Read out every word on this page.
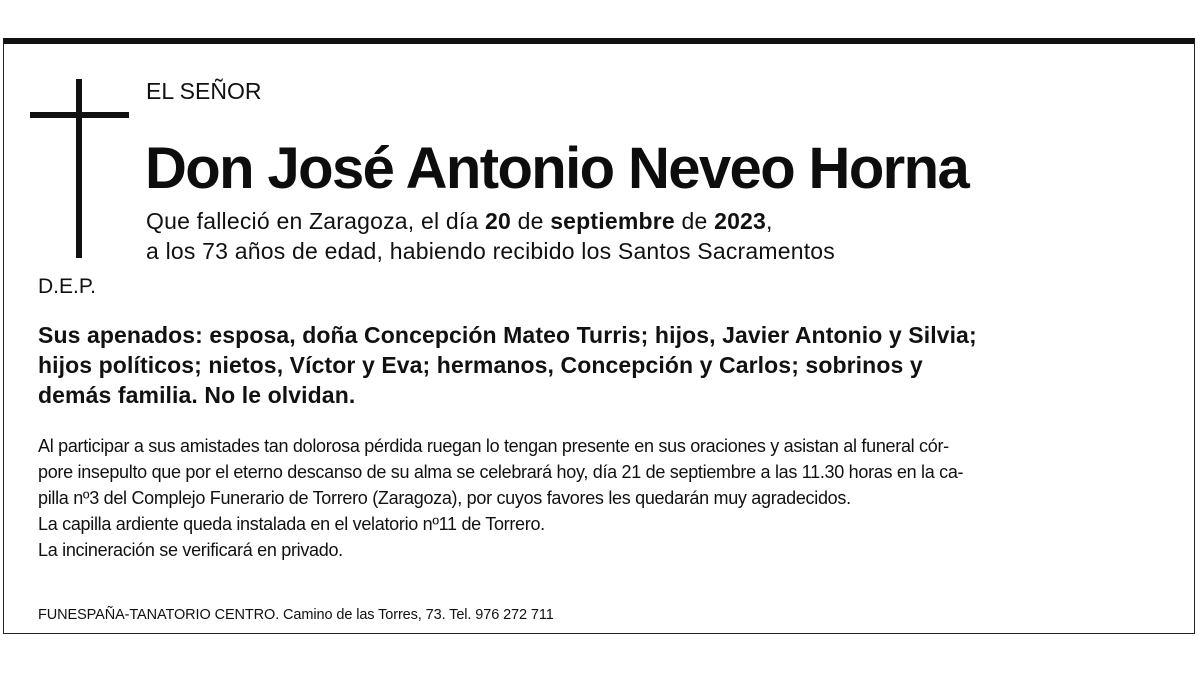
EL SEÑOR
Don José Antonio Neveo Horna
Que falleció en Zaragoza, el día 20 de septiembre de 2023,
a los 73 años de edad, habiendo recibido los Santos Sacramentos
D.E.P.
Sus apenados: esposa, doña Concepción Mateo Turris; hijos, Javier Antonio y Silvia;
hijos políticos; nietos, Víctor y Eva; hermanos, Concepción y Carlos; sobrinos y
demás familia. No le olvidan.
Al participar a sus amistades tan dolorosa pérdida ruegan lo tengan presente en sus oraciones y asistan al funeral cór-
pore insepulto que por el eterno descanso de su alma se celebrará hoy, día 21 de septiembre a las 11.30 horas en la ca-
pilla nº3 del Complejo Funerario de Torrero (Zaragoza), por cuyos favores les quedarán muy agradecidos.
La capilla ardiente queda instalada en el velatorio nº11 de Torrero.
La incineración se verificará en privado.
FUNESPAÑA-TANATORIO CENTRO. Camino de las Torres, 73. Tel. 976 272 711
